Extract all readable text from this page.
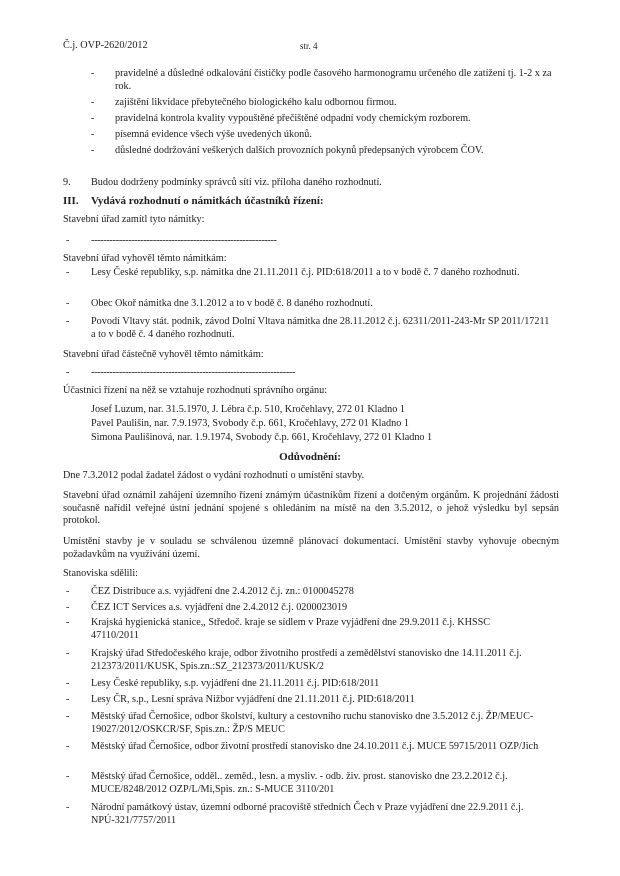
Č.j. OVP-2620/2012	str. 4
- pravidelné a důsledné odkalování čističky podle časového harmonogramu určeného dle zatížení tj. 1-2 x za rok.
- zajištění likvidace přebytečného biologického kalu odbornou firmou.
- pravidelná kontrola kvality vypouštěné přečištěné odpadní vody chemickým rozborem.
- písemná evidence všech výše uvedených úkonů.
- důsledné dodržování veškerých dalších provozních pokynů předepsaných výrobcem ČOV.
9. Budou dodrženy podmínky správců sítí viz. příloha daného rozhodnutí.
III. Vydává rozhodnutí o námitkách účastníků řízení:
Stavební úřad zamítl tyto námitky:
- ------------------------------------------------------------
Stavební úřad vyhověl těmto námitkám:
- Lesy České republiky, s.p. námitka dne 21.11.2011 č.j. PID:618/2011 a to v bodě č. 7 daného rozhodnutí.
- Obec Okoř námitka dne 3.1.2012 a to v bodě č. 8 daného rozhodnutí.
- Povodí Vltavy stát. podnik, závod Dolní Vltava námitka dne 28.11.2012 č.j. 62311/2011-243-Mr SP 2011/17211 a to v bodě č. 4 daného rozhodnutí.
Stavební úřad částečně vyhověl těmto námitkám:
- ------------------------------------------------------------------
Účastníci řízení na něž se vztahuje rozhodnutí správního orgánu:
Josef Luzum, nar. 31.5.1970, J. Lébra č.p. 510, Kročehlavy, 272 01 Kladno 1
Pavel Paulišin, nar. 7.9.1973, Svobody č.p. 661, Kročehlavy, 272 01 Kladno 1
Simona Paulišinová, nar. 1.9.1974, Svobody č.p. 661, Kročehlavy, 272 01 Kladno 1
Odůvodnění:
Dne 7.3.2012 podal žadatel žádost o vydání rozhodnutí o umístění stavby.
Stavební úřad oznámil zahájení územního řízení známým účastníkům řízení a dotčeným orgánům. K projednání žádosti současně nařídil veřejné ústní jednání spojené s ohledáním na místě na den 3.5.2012, o jehož výsledku byl sepsán protokol.
Umístění stavby je v souladu se schválenou územně plánovací dokumentací. Umístění stavby vyhovuje obecným požadavkům na využívání území.
Stanoviska sdělili:
- ČEZ Distribuce a.s. vyjádření dne 2.4.2012 č.j. zn.: 0100045278
- ČEZ ICT Services a.s. vyjádření dne 2.4.2012 č.j. 0200023019
- Krajská hygienická stanice,, Středoč. kraje se sídlem v Praze vyjádření dne 29.9.2011 č.j. KHSSC 47110/2011
- Krajský úřad Středočeského kraje, odbor životního prostředí a zemědělství stanovisko dne 14.11.2011 č.j. 212373/2011/KUSK, Spis.zn.:SZ_212373/2011/KUSK/2
- Lesy České republiky, s.p. vyjádření dne 21.11.2011 č.j. PID:618/2011
- Lesy ČR, s.p., Lesní správa Nižbor vyjádření dne 21.11.2011 č.j. PID:618/2011
- Městský úřad Černošice, odbor školství, kultury a cestovního ruchu stanovisko dne 3.5.2012 č.j. ŽP/MEUC-19027/2012/OSKCR/SF, Spis.zn.: ŽP/S MEUC
- Městský úřad Černošice, odbor životní prostředí stanovisko dne 24.10.2011 č.j. MUCE 59715/2011 OZP/Jich
- Městský úřad Černošice, odděl.. zeměd., lesn. a mysliv. - odb. živ. prost. stanovisko dne 23.2.2012 č.j. MUCE/8248/2012 OZP/L/Mi,Spis. zn.: S-MUCE 3110/201
- Národní památkový ústav, územní odborné pracoviště středních Čech v Praze vyjádření dne 22.9.2011 č.j. NPÚ-321/7757/2011
